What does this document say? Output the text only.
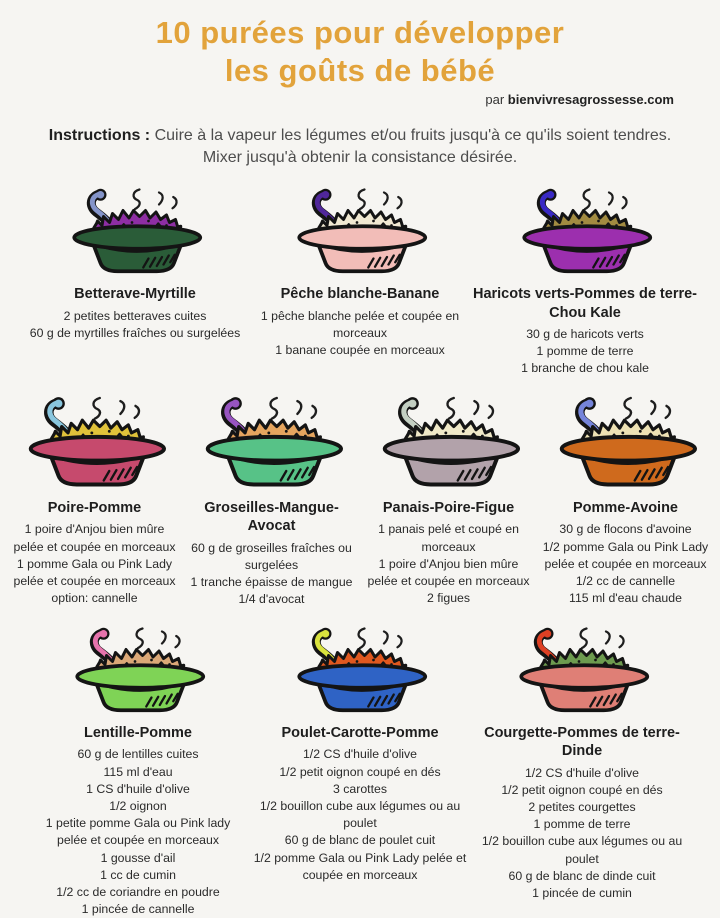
10 purées pour développer
les goûts de bébé
par bienvivresagrossesse.com

Instructions : Cuire à la vapeur les légumes et/ou fruits jusqu'à ce qu'ils soient tendres. Mixer jusqu'à obtenir la consistance désirée.

Betterave-Myrtille
2 petites betteraves cuites
60 g de myrtilles fraîches ou surgelées
Pêche blanche-Banane
1 pêche blanche pelée et coupée en morceaux
1 banane coupée en morceaux
Haricots verts-Pommes de terre-Chou Kale
30 g de haricots verts
1 pomme de terre
1 branche de chou kale
Poire-Pomme
1 poire d'Anjou bien mûre pelée et coupée en morceaux
1 pomme Gala ou Pink Lady pelée et coupée en morceaux
option: cannelle
Groseilles-Mangue-Avocat
60 g de groseilles fraîches ou surgelées
1 tranche épaisse de mangue
1/4 d'avocat
Panais-Poire-Figue
1 panais pelé et coupé en morceaux
1 poire d'Anjou bien mûre pelée et coupée en morceaux
2 figues
Pomme-Avoine
30 g de flocons d'avoine
1/2 pomme Gala ou Pink Lady pelée et coupée en morceaux
1/2 cc de cannelle
115 ml d'eau chaude
Lentille-Pomme
60 g de lentilles cuites
115 ml d'eau
1 CS d'huile d'olive
1/2 oignon
1 petite pomme Gala ou Pink lady pelée et coupée en morceaux
1 gousse d'ail
1 cc de cumin
1/2 cc de coriandre en poudre
1 pincée de cannelle
Poulet-Carotte-Pomme
1/2 CS d'huile d'olive
1/2 petit oignon coupé en dés
3 carottes
1/2 bouillon cube aux légumes ou au poulet
60 g de blanc de poulet cuit
1/2 pomme Gala ou Pink Lady pelée et coupée en morceaux
Courgette-Pommes de terre-Dinde
1/2 CS d'huile d'olive
1/2 petit oignon coupé en dés
2 petites courgettes
1 pomme de terre
1/2 bouillon cube aux légumes ou au poulet
60 g de blanc de dinde cuit
1 pincée de cumin
